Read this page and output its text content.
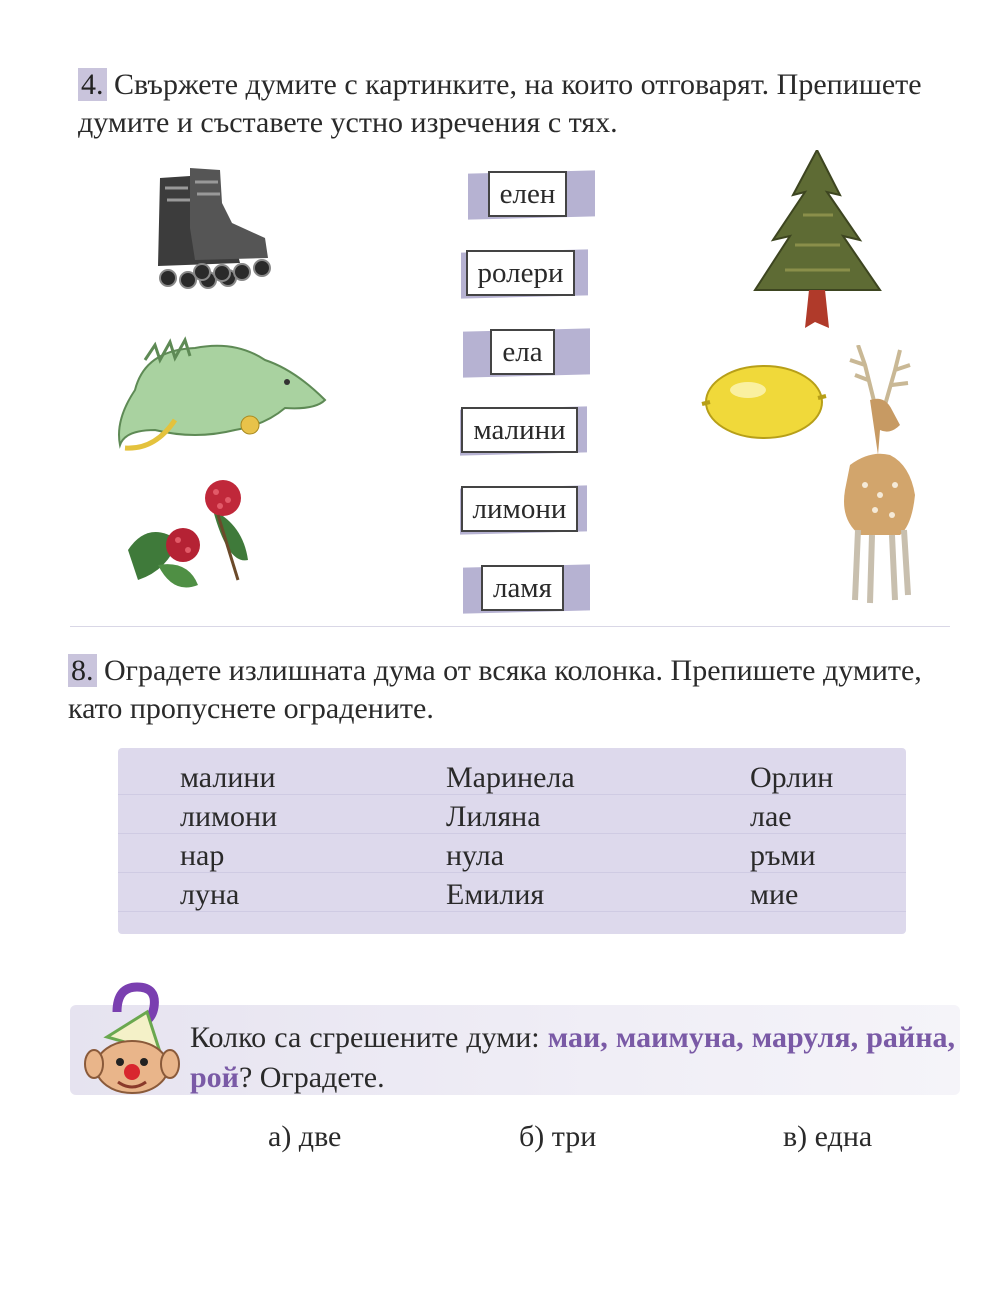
4. Свържете думите с картинките, на които отговарят. Препишете думите и съставете устно изречения с тях.

елен
ролери
ела
малини
лимони
ламя

8. Оградете излишната дума от всяка колонка. Препишете думите, като пропуснете оградените.

малини
лимони
нар
луна
Маринела
Лиляна
нула
Емилия
Орлин
лае
ръми
мие
Колко са сгрешените думи: маи, маимуна, маруля, райна, рой? Оградете.
а) две	б) три	в) една
